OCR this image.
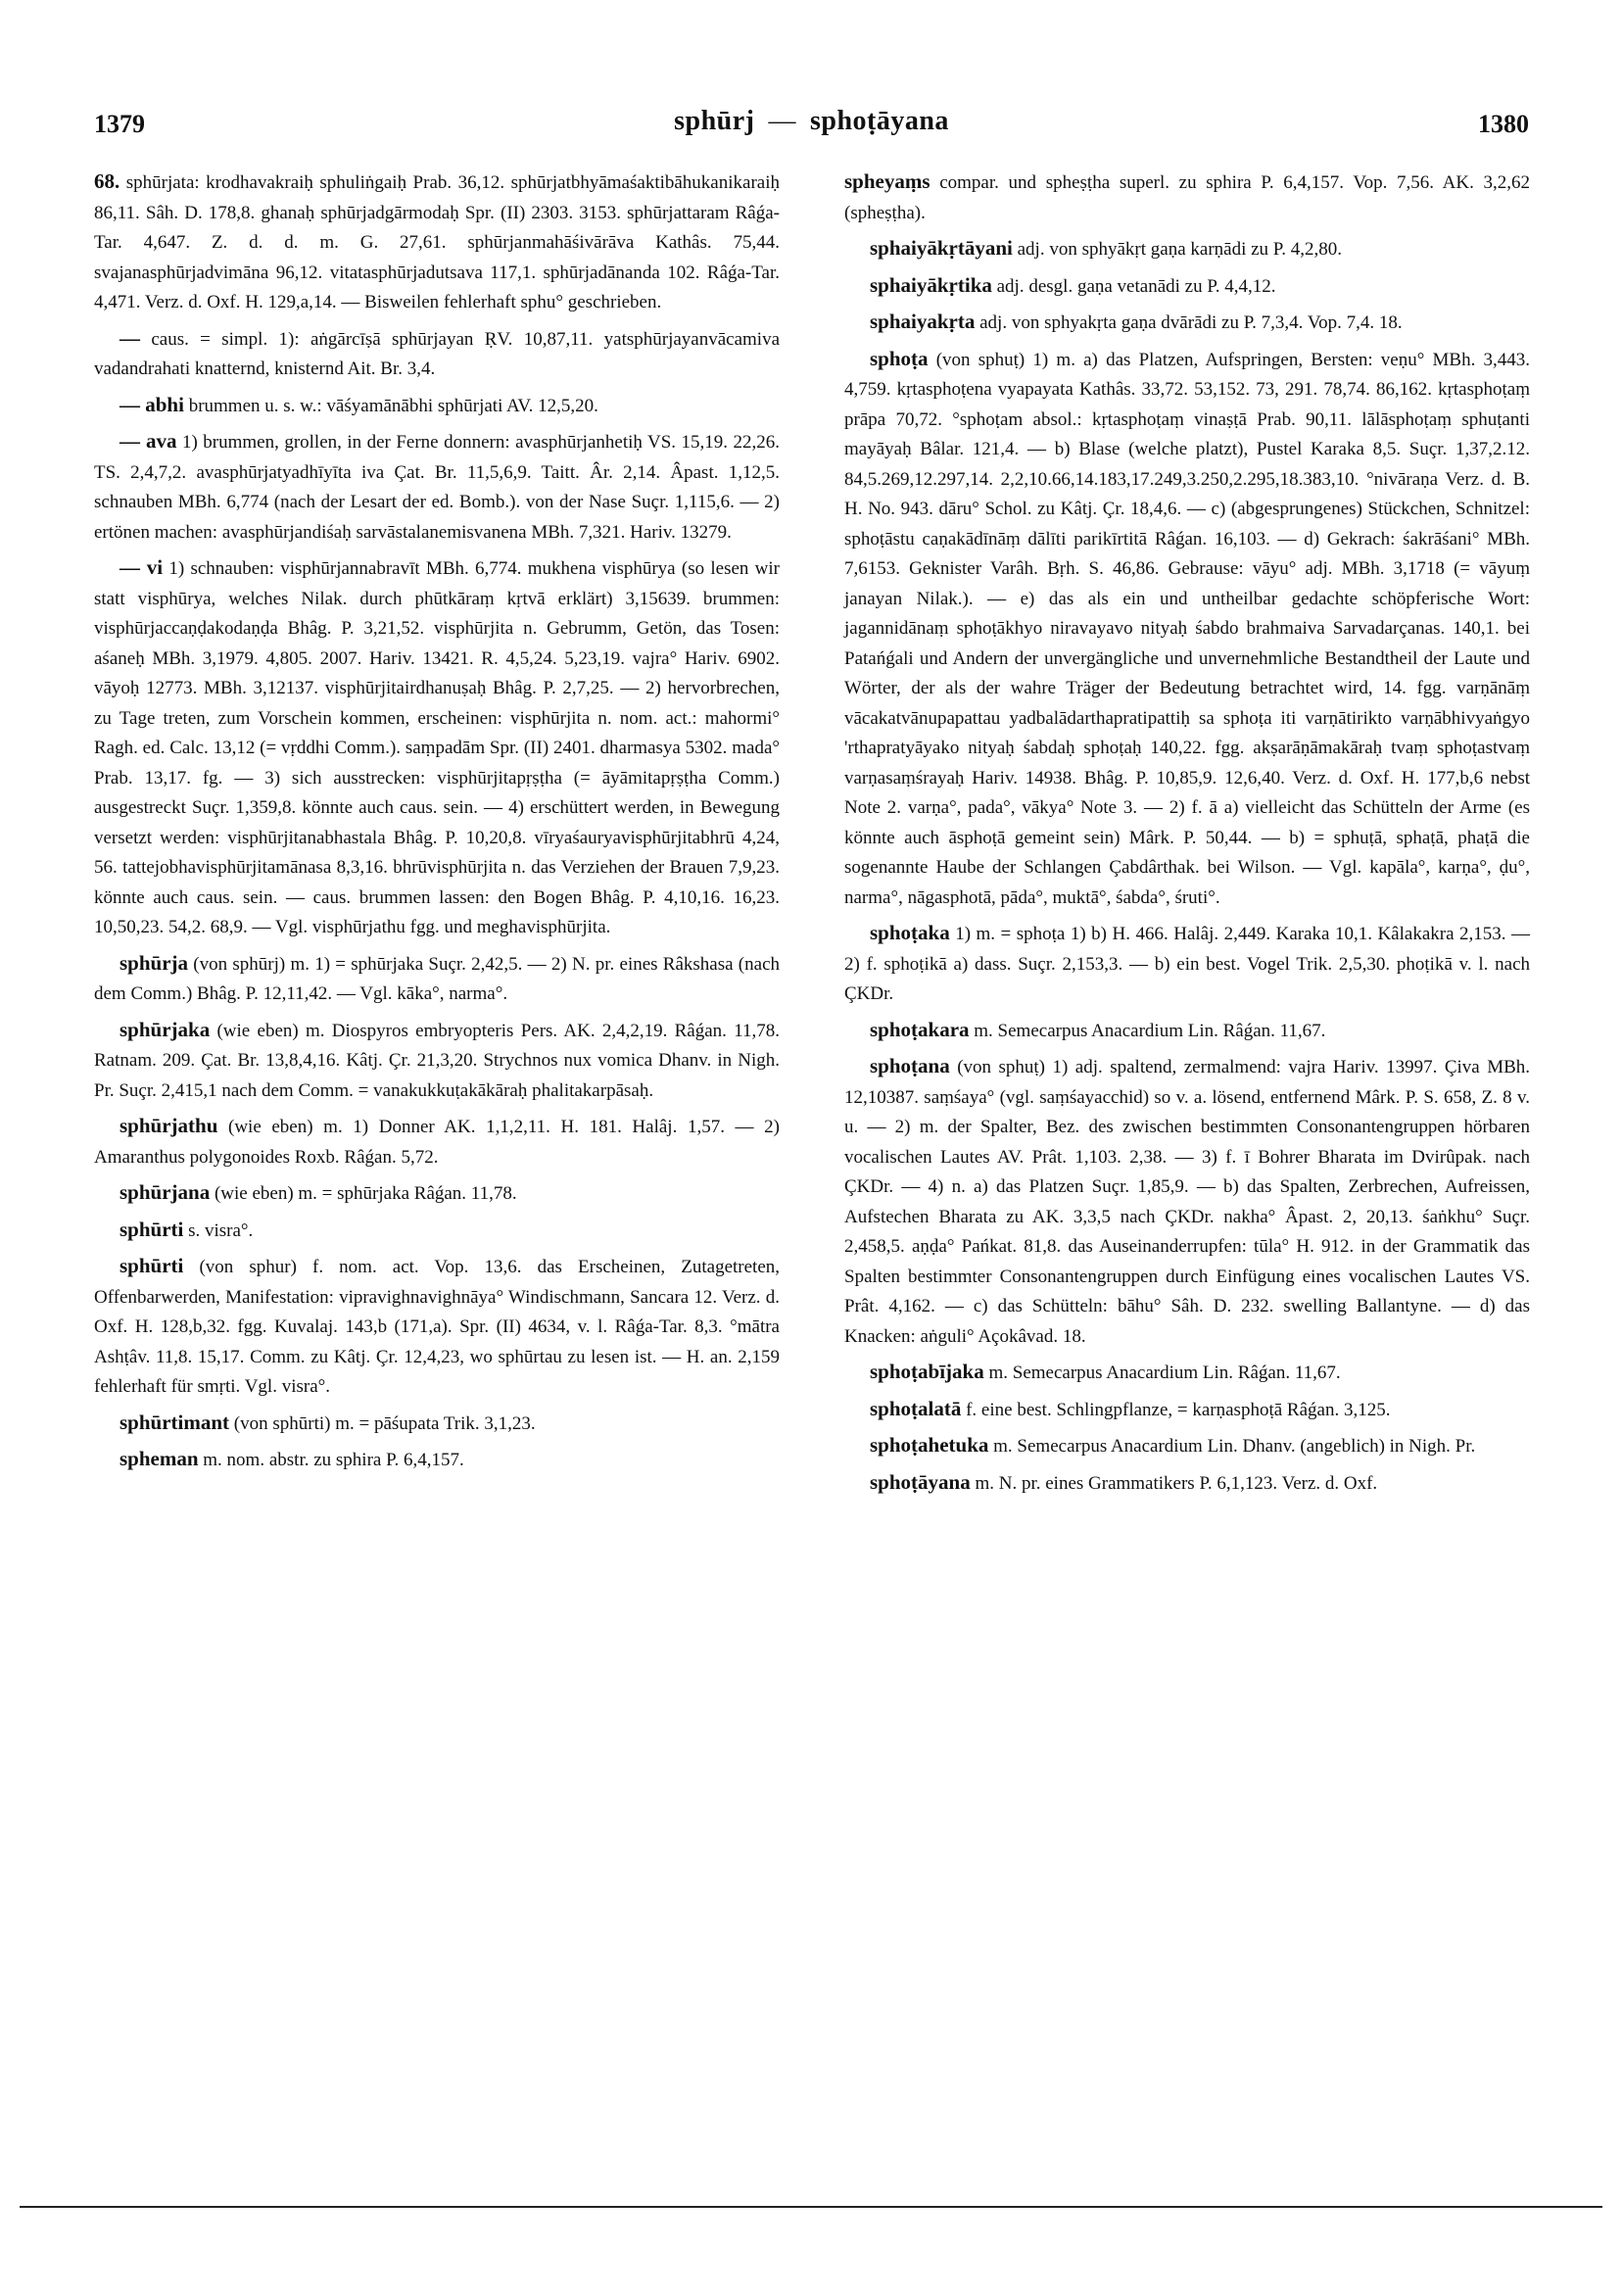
1379	sphūrj — sphoṭāyana	1380

68. sphūrjata: krodhavakraiḥ sphuliṅgaiḥ Prab. 36,12. sphūrjatbhyāmaśaktibāhukanikaraiḥ 86,11. Sâh. D. 178,8. ghanaḥ sphūrjadgārmodaḥ Spr. (II) 2303. 3153. sphūrjattaram Râǵa-Tar. 4,647. Z. d. d. m. G. 27,61. sphūrjanmahāśivārāva Kathâs. 75,44. svajanasphūrjadvimāna 96,12. vitatasphūrjadutsava 117,1. sphūrjadānanda 102. Râǵa-Tar. 4,471. Verz. d. Oxf. H. 129,a,14. — Bisweilen fehlerhaft sphu° geschrieben.

— caus. = simpl. 1): aṅgārcīṣā sphūrjayan ṚV. 10,87,11. yatsphūrjayanvācamiva vadandrahati knatternd, knisternd Ait. Br. 3,4.

— abhi brummen u. s. w.: vāśyamānābhi sphūrjati AV. 12,5,20.

— ava 1) brummen, grollen, in der Ferne donnern: avasphūrjanhetiḥ VS. 15,19. 22,26. TS. 2,4,7,2. avasphūrjatyadhīyīta iva Çat. Br. 11,5,6,9. Taitt. Âr. 2,14. Âpast. 1,12,5. schnauben MBh. 6,774 (nach der Lesart der ed. Bomb.). von der Nase Suçr. 1,115,6. — 2) ertönen machen: avasphūrjandiśaḥ sarvāstalanemisvanena MBh. 7,321. Hariv. 13279.

— vi 1) schnauben: visphūrjannabravīt MBh. 6,774. mukhena visphūrya (so lesen wir statt visphūrya, welches Nilak. durch phūtkāraṃ kṛtvā erklärt) 3,15639. brummen: visphūrjaccaṇḍakodaṇḍa Bhâg. P. 3,21,52. visphūrjita n. Gebrumm, Getön, das Tosen: aśaneḥ MBh. 3,1979. 4,805. 2007. Hariv. 13421. R. 4,5,24. 5,23,19. vajra° Hariv. 6902. vāyoḥ 12773. MBh. 3,12137. visphūrjitairdhanuṣaḥ Bhâg. P. 2,7,25. — 2) hervorbrechen, zu Tage treten, zum Vorschein kommen, erscheinen: visphūrjita n. nom. act.: mahormi° Ragh. ed. Calc. 13,12 (= vṛddhi Comm.). saṃpadām Spr. (II) 2401. dharmasya 5302. mada° Prab. 13,17. fg. — 3) sich ausstrecken: visphūrjitapṛṣṭha (= āyāmitapṛṣṭha Comm.) ausgestreckt Suçr. 1,359,8. könnte auch caus. sein. — 4) erschüttert werden, in Bewegung versetzt werden: visphūrjitanabhastala Bhâg. P. 10,20,8. vīryaśauryavisphūrjitabhrū 4,24, 56. tattejobhavisphūrjitamānasa 8,3,16. bhrūvisphūrjita n. das Verziehen der Brauen 7,9,23. könnte auch caus. sein. — caus. brummen lassen: den Bogen Bhâg. P. 4,10,16. 16,23. 10,50,23. 54,2. 68,9. — Vgl. visphūrjathu fgg. und meghavisphūrjita.

sphūrja (von sphūrj) m. 1) = sphūrjaka Suçr. 2,42,5. — 2) N. pr. eines Râkshasa (nach dem Comm.) Bhâg. P. 12,11,42. — Vgl. kāka°, narma°.

sphūrjaka (wie eben) m. Diospyros embryopteris Pers. AK. 2,4,2,19. Râǵan. 11,78. Ratnam. 209. Çat. Br. 13,8,4,16. Kâtj. Çr. 21,3,20. Strychnos nux vomica Dhanv. in Nigh. Pr. Suçr. 2,415,1 nach dem Comm. = vanakukkuṭakākāraḥ phalitakarpāsaḥ.

sphūrjathu (wie eben) m. 1) Donner AK. 1,1,2,11. H. 181. Halâj. 1,57. — 2) Amaranthus polygonoides Roxb. Râǵan. 5,72.

sphūrjana (wie eben) m. = sphūrjaka Râǵan. 11,78.

sphūrti s. visra°.

sphūrti (von sphur) f. nom. act. Vop. 13,6. das Erscheinen, Zutagetreten, Offenbarwerden, Manifestation: vipravighnavighnāya° Windischmann, Sancara 12. Verz. d. Oxf. H. 128,b,32. fgg. Kuvalaj. 143,b (171,a). Spr. (II) 4634, v. l. Râǵa-Tar. 8,3. °mātra Ashṭâv. 11,8. 15,17. Comm. zu Kâtj. Çr. 12,4,23, wo sphūrtau zu lesen ist. — H. an. 2,159 fehlerhaft für smṛti. Vgl. visra°.

sphūrtimant (von sphūrti) m. = pāśupata Trik. 3,1,23.

spheman m. nom. abstr. zu sphira P. 6,4,157.

spheyaṃs compar. und spheṣṭha superl. zu sphira P. 6,4,157. Vop. 7,56. AK. 3,2,62 (spheṣṭha).

sphaiyākṛtāyani adj. von sphyākṛt gaṇa karṇādi zu P. 4,2,80.

sphaiyākṛtika adj. desgl. gaṇa vetanādi zu P. 4,4,12.

sphaiyakṛta adj. von sphyakṛta gaṇa dvārādi zu P. 7,3,4. Vop. 7,4. 18.

sphoṭa (von sphuṭ) 1) m. a) das Platzen, Aufspringen, Bersten: veṇu° MBh. 3,443. 4,759. kṛtasphoṭena vyapayata Kathâs. 33,72. 53,152. 73, 291. 78,74. 86,162. kṛtasphoṭaṃ prāpa 70,72. °sphoṭam absol.: kṛtasphoṭaṃ vinaṣṭā Prab. 90,11. lālāsphoṭaṃ sphuṭanti mayāyaḥ Bâlar. 121,4. — b) Blase (welche platzt), Pustel Karaka 8,5. Suçr. 1,37,2.12. 84,5.269,12.297,14. 2,2,10.66,14.183,17.249,3.250,2.295,18.383,10. °nivāraṇa Verz. d. B. H. No. 943. dāru° Schol. zu Kâtj. Çr. 18,4,6. — c) (abgesprungenes) Stückchen, Schnitzel: sphoṭāstu caṇakādīnāṃ dālīti parikīrtitā Râǵan. 16,103. — d) Gekrach: śakrāśani° MBh. 7,6153. Geknister Varâh. Bṛh. S. 46,86. Gebrause: vāyu° adj. MBh. 3,1718 (= vāyuṃ janayan Nilak.). — e) das als ein und untheilbar gedachte schöpferische Wort: jagannidānaṃ sphoṭākhyo niravayavo nityaḥ śabdo brahmaiva Sarvadarçanas. 140,1. bei Patańǵali und Andern der unvergängliche und unvernehmliche Bestandtheil der Laute und Wörter, der als der wahre Träger der Bedeutung betrachtet wird, 14. fgg. varṇānāṃ vācakatvānupapattau yadbalādarthapratipattiḥ sa sphoṭa iti varṇātirikto varṇābhivyaṅgyo 'rthapratyāyako nityaḥ śabdaḥ sphoṭaḥ 140,22. fgg. akṣarāṇāmakāraḥ tvaṃ sphoṭastvaṃ varṇasaṃśrayaḥ Hariv. 14938. Bhâg. P. 10,85,9. 12,6,40. Verz. d. Oxf. H. 177,b,6 nebst Note 2. varṇa°, pada°, vākya° Note 3. — 2) f. ā a) vielleicht das Schütteln der Arme (es könnte auch āsphoṭā gemeint sein) Mârk. P. 50,44. — b) = sphuṭā, sphaṭā, phaṭā die sogenannte Haube der Schlangen Çabdârthak. bei Wilson. — Vgl. kapāla°, karṇa°, ḍu°, narma°, nāgasphotā, pāda°, muktā°, śabda°, śruti°.

sphoṭaka 1) m. = sphoṭa 1) b) H. 466. Halâj. 2,449. Karaka 10,1. Kâlakakra 2,153. — 2) f. sphoṭikā a) dass. Suçr. 2,153,3. — b) ein best. Vogel Trik. 2,5,30. phoṭikā v. l. nach ÇKDr.

sphoṭakara m. Semecarpus Anacardium Lin. Râǵan. 11,67.

sphoṭana (von sphuṭ) 1) adj. spaltend, zermalmend: vajra Hariv. 13997. Çiva MBh. 12,10387. saṃśaya° (vgl. saṃśayacchid) so v. a. lösend, entfernend Mârk. P. S. 658, Z. 8 v. u. — 2) m. der Spalter, Bez. des zwischen bestimmten Consonantengruppen hörbaren vocalischen Lautes AV. Prât. 1,103. 2,38. — 3) f. ī Bohrer Bharata im Dvirûpak. nach ÇKDr. — 4) n. a) das Platzen Suçr. 1,85,9. — b) das Spalten, Zerbrechen, Aufreissen, Aufstechen Bharata zu AK. 3,3,5 nach ÇKDr. nakha° Âpast. 2, 20,13. śaṅkhu° Suçr. 2,458,5. aṇḍa° Pańkat. 81,8. das Auseinanderrupfen: tūla° H. 912. in der Grammatik das Spalten bestimmter Consonantengruppen durch Einfügung eines vocalischen Lautes VS. Prât. 4,162. — c) das Schütteln: bāhu° Sâh. D. 232. swelling Ballantyne. — d) das Knacken: aṅguli° Açokâvad. 18.

sphoṭabījaka m. Semecarpus Anacardium Lin. Râǵan. 11,67.

sphoṭalatā f. eine best. Schlingpflanze, = karṇasphoṭā Râǵan. 3,125.

sphoṭahetuka m. Semecarpus Anacardium Lin. Dhanv. (angeblich) in Nigh. Pr.

sphoṭāyana m. N. pr. eines Grammatikers P. 6,1,123. Verz. d. Oxf.
